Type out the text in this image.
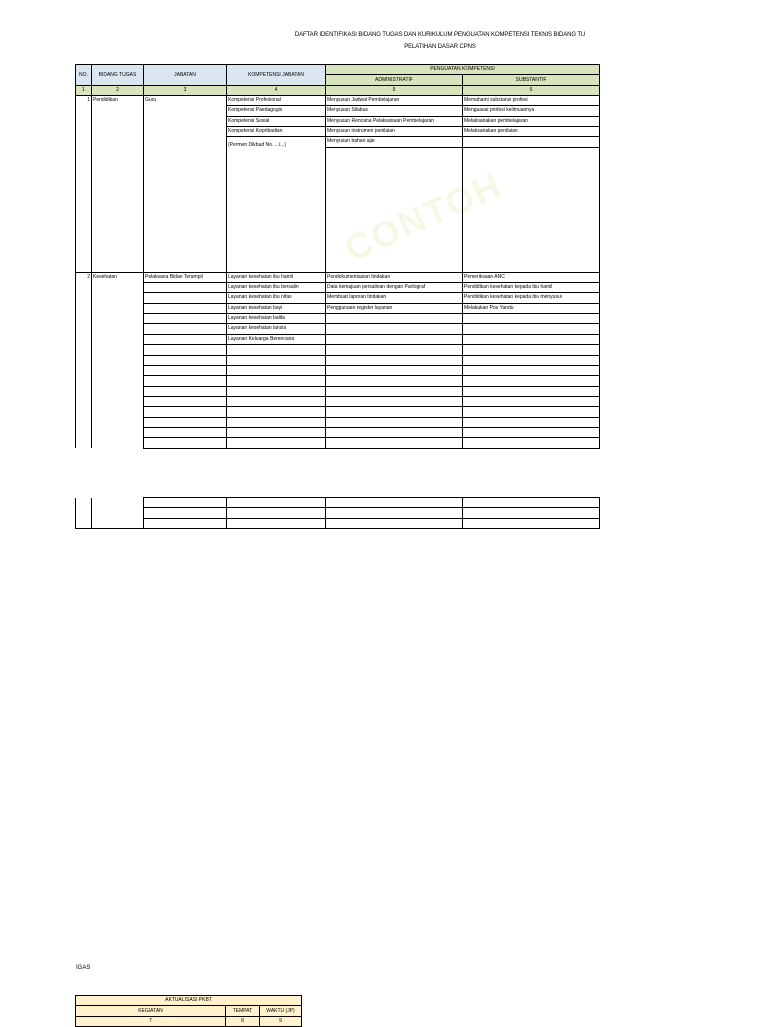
DAFTAR IDENTIFIKASI BIDANG TUGAS DAN KURIKULUM PENGUATAN KOMPETENSI TEKNIS BIDANG TU
PELATIHAN DASAR CPNS
CONTOH
NO.	BIDANG TUGAS	JABATAN	KOMPETENSI JABATAN	PENGUATAN KOMPETENSI	
				ADMINISTRATIF	SUBSTANTIF
1	2	3	4	5	6
1	Pendidikan	Guru	Kompetensi Profesional	Menyusun Jadwal Pembelajaran	Memahami substansi profesi
			Kompetensi Paedagogis	Menyusun Silabus	Menguasai profesi keilmuannya
			Kompetensi Sosial	Menyusun Rencana Pelaksanaan Pembelajaran	Melaksanakan pembelajaran
			Kompetensi Kepribadian	Menyusun instrumen penilaian	Melaksanakan penilaian
			(Permen Dikbud No. .../...)	Menyusun bahan ajar	

2	Kesehatan	Pelaksana Bidan Terampil	Layanan kesehatan ibu hamil	Pendokumentasian tindakan	Pemeriksaan ANC
			Layanan kesehatan ibu bersalin	Data kemajuan persalinan dengan Partograf	Pendidikan kesehatan kepada ibu hamil
			Layanan kesehatan ibu nifas	Membuat laporan tindakan	Pendidikan kesehatan kepada ibu menyusui
			Layanan kesehatan bayi	Penggunaan register layanan	Melakukan Pos Yandu
			Layanan kesehatan balita		
			Layanan kesehatan lansia		
			Layanan Keluarga Berencana		

IGAS
AKTUALISASI PKBT		
KEGIATAN	TEMPAT	WAKTU (JP)
7	8	9
